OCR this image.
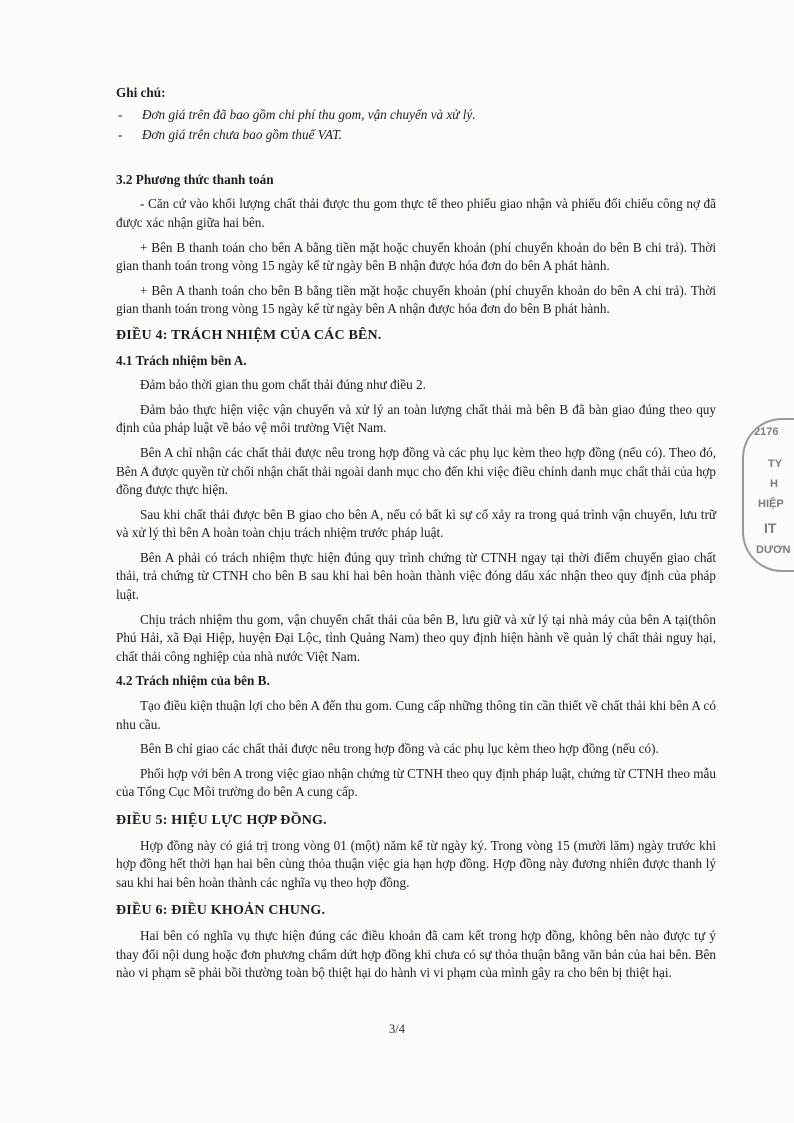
Ghi chú:
- Đơn giá trên đã bao gồm chi phí thu gom, vận chuyển và xử lý.
- Đơn giá trên chưa bao gồm thuế VAT.
3.2 Phương thức thanh toán

- Căn cứ vào khối lượng chất thải được thu gom thực tế theo phiếu giao nhận và phiếu đối chiếu công nợ đã được xác nhận giữa hai bên.

+ Bên B thanh toán cho bên A bằng tiền mặt hoặc chuyển khoản (phí chuyển khoản do bên B chi trả). Thời gian thanh toán trong vòng 15 ngày kể từ ngày bên B nhận được hóa đơn do bên A phát hành.

+ Bên A thanh toán cho bên B bằng tiền mặt hoặc chuyển khoản (phí chuyển khoản do bên A chi trả). Thời gian thanh toán trong vòng 15 ngày kể từ ngày bên A nhận được hóa đơn do bên B phát hành.

ĐIỀU 4: TRÁCH NHIỆM CỦA CÁC BÊN.
4.1 Trách nhiệm bên A.

Đảm bảo thời gian thu gom chất thải đúng như điều 2.

Đảm bảo thực hiện việc vận chuyển và xử lý an toàn lượng chất thải mà bên B đã bàn giao đúng theo quy định của pháp luật về bảo vệ môi trường Việt Nam.

Bên A chỉ nhận các chất thải được nêu trong hợp đồng và các phụ lục kèm theo hợp đồng (nếu có). Theo đó, Bên A được quyền từ chối nhận chất thải ngoài danh mục cho đến khi việc điều chỉnh danh mục chất thải của hợp đồng được thực hiện.

Sau khi chất thải được bên B giao cho bên A, nếu có bất kì sự cố xảy ra trong quá trình vận chuyển, lưu trữ và xử lý thì bên A hoàn toàn chịu trách nhiệm trước pháp luật.

Bên A phải có trách nhiệm thực hiện đúng quy trình chứng từ CTNH ngay tại thời điểm chuyển giao chất thải, trả chứng từ CTNH cho bên B sau khi hai bên hoàn thành việc đóng dấu xác nhận theo quy định của pháp luật.

Chịu trách nhiệm thu gom, vận chuyển chất thải của bên B, lưu giữ và xử lý tại nhà máy của bên A tại(thôn Phú Hải, xã Đại Hiệp, huyện Đại Lộc, tỉnh Quảng Nam) theo quy định hiện hành về quản lý chất thải nguy hại, chất thải công nghiệp của nhà nước Việt Nam.

4.2 Trách nhiệm của bên B.

Tạo điều kiện thuận lợi cho bên A đến thu gom. Cung cấp những thông tin cần thiết về chất thải khi bên A có nhu cầu.

Bên B chỉ giao các chất thải được nêu trong hợp đồng và các phụ lục kèm theo hợp đồng (nếu có).

Phối hợp với bên A trong việc giao nhận chứng từ CTNH theo quy định pháp luật, chứng từ CTNH theo mẫu của Tổng Cục Môi trường do bên A cung cấp.

ĐIỀU 5: HIỆU LỰC HỢP ĐỒNG.

Hợp đồng này có giá trị trong vòng 01 (một) năm kể từ ngày ký. Trong vòng 15 (mười lăm) ngày trước khi hợp đồng hết thời hạn hai bên cùng thỏa thuận việc gia hạn hợp đồng. Hợp đồng này đương nhiên được thanh lý sau khi hai bên hoàn thành các nghĩa vụ theo hợp đồng.

ĐIỀU 6: ĐIỀU KHOẢN CHUNG.

Hai bên có nghĩa vụ thực hiện đúng các điều khoản đã cam kết trong hợp đồng, không bên nào được tự ý thay đổi nội dung hoặc đơn phương chấm dứt hợp đồng khi chưa có sự thỏa thuận bằng văn bản của hai bên. Bên nào vi phạm sẽ phải bồi thường toàn bộ thiệt hại do hành vi vi phạm của mình gây ra cho bên bị thiệt hại.

2176
TY
H
HIỆP
IT
DƯƠN
3/4
